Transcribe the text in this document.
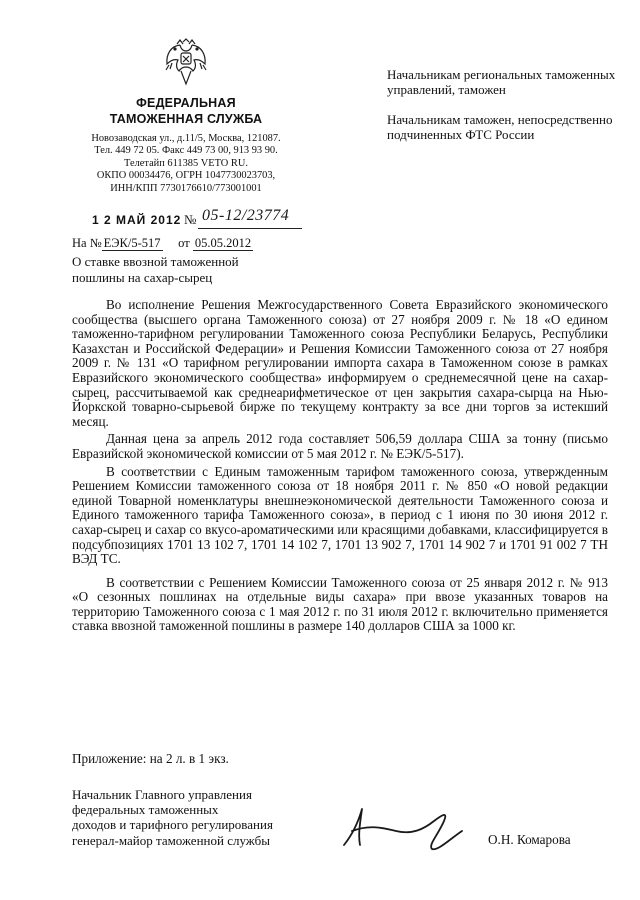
ФЕДЕРАЛЬНАЯ
ТАМОЖЕННАЯ СЛУЖБА
Новозаводская ул., д.11/5, Москва, 121087.
Тел. 449 72 05. Факс 449 73 00, 913 93 90.
Телетайп 611385 VETO RU.
ОКПО 00034476, ОГРН 1047730023703,
ИНН/КПП 7730176610/773001001
1 2 МАЙ 2012 № 05-12/23774
На № ЕЭК/5-517 от 05.05.2012
О ставке ввозной таможенной
пошлины на сахар-сырец
Начальникам региональных таможенных управлений, таможен
Начальникам таможен, непосредственно подчиненных ФТС России

Во исполнение Решения Межгосударственного Совета Евразийского экономического сообщества (высшего органа Таможенного союза) от 27 ноября 2009 г. № 18 «О едином таможенно-тарифном регулировании Таможенного союза Республики Беларусь, Республики Казахстан и Российской Федерации» и Решения Комиссии Таможенного союза от 27 ноября 2009 г. № 131 «О тарифном регулировании импорта сахара в Таможенном союзе в рамках Евразийского экономического сообщества» информируем о среднемесячной цене на сахар-сырец, рассчитываемой как среднеарифметическое от цен закрытия сахара-сырца на Нью-Йоркской товарно-сырьевой бирже по текущему контракту за все дни торгов за истекший месяц.

Данная цена за апрель 2012 года составляет 506,59 доллара США за тонну (письмо Евразийской экономической комиссии от 5 мая 2012 г. № ЕЭК/5-517).

В соответствии с Единым таможенным тарифом таможенного союза, утвержденным Решением Комиссии таможенного союза от 18 ноября 2011 г. № 850 «О новой редакции единой Товарной номенклатуры внешнеэкономической деятельности Таможенного союза и Единого таможенного тарифа Таможенного союза», в период с 1 июня по 30 июня 2012 г. сахар-сырец и сахар со вкусо-ароматическими или красящими добавками, классифицируется в подсубпозициях 1701 13 102 7, 1701 14 102 7, 1701 13 902 7, 1701 14 902 7 и 1701 91 002 7 ТН ВЭД ТС.

В соответствии с Решением Комиссии Таможенного союза от 25 января 2012 г. № 913 «О сезонных пошлинах на отдельные виды сахара» при ввозе указанных товаров на территорию Таможенного союза с 1 мая 2012 г. по 31 июля 2012 г. включительно применяется ставка ввозной таможенной пошлины в размере 140 долларов США за 1000 кг.

Приложение: на 2 л. в 1 экз.
Начальник Главного управления
федеральных таможенных
доходов и тарифного регулирования
генерал-майор таможенной службы	О.Н. Комарова
